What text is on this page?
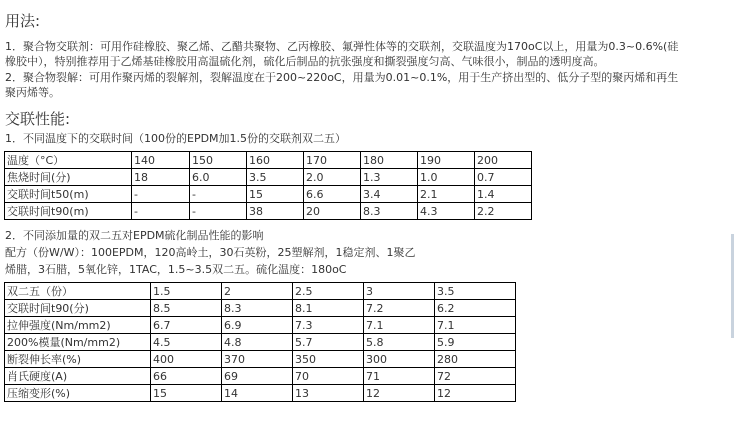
用法:
1．聚合物交联剂：可用作硅橡胶、聚乙烯、乙醋共聚物、乙丙橡胶、氟弹性体等的交联剂，交联温度为170oC以上，用量为0.3~0.6%(硅
橡胶中），特别推荐用于乙烯基硅橡胶用高温硫化剂，硫化后制品的抗张强度和撕裂强度匀高、气味很小，制品的透明度高。
2．聚合物裂解：可用作聚丙烯的裂解剂，裂解温度在于200~220oC，用量为0.01~0.1%，用于生产挤出型的、低分子型的聚丙烯和再生
聚丙烯等。
交联性能:
1．不同温度下的交联时间（100份的EPDM加1.5份的交联剂双二五）
温度（°C）	140	150	160	170	180	190	200
焦烧时间(分)	18	6.0	3.5	2.0	1.3	1.0	0.7
交联时间t50(m)	-	-	15	6.6	3.4	2.1	1.4
交联时间t90(m)	-	-	38	20	8.3	4.3	2.2
2．不同添加量的双二五对EPDM硫化制品性能的影响
配方（份W/W）：100EPDM，120高岭土，30石英粉，25塑解剂，1稳定剂、1聚乙
烯腊，3石腊，5氧化锌，1TAC，1.5~3.5双二五。硫化温度：180oC
双二五（份）	1.5	2	2.5	3	3.5
交联时间t90(分)	8.5	8.3	8.1	7.2	6.2
拉伸强度(Nm/mm2)	6.7	6.9	7.3	7.1	7.1
200%模量(Nm/mm2)	4.5	4.8	5.7	5.8	5.9
断裂伸长率(%)	400	370	350	300	280
肖氏硬度(A)	66	69	70	71	72
压缩变形(%)	15	14	13	12	12
